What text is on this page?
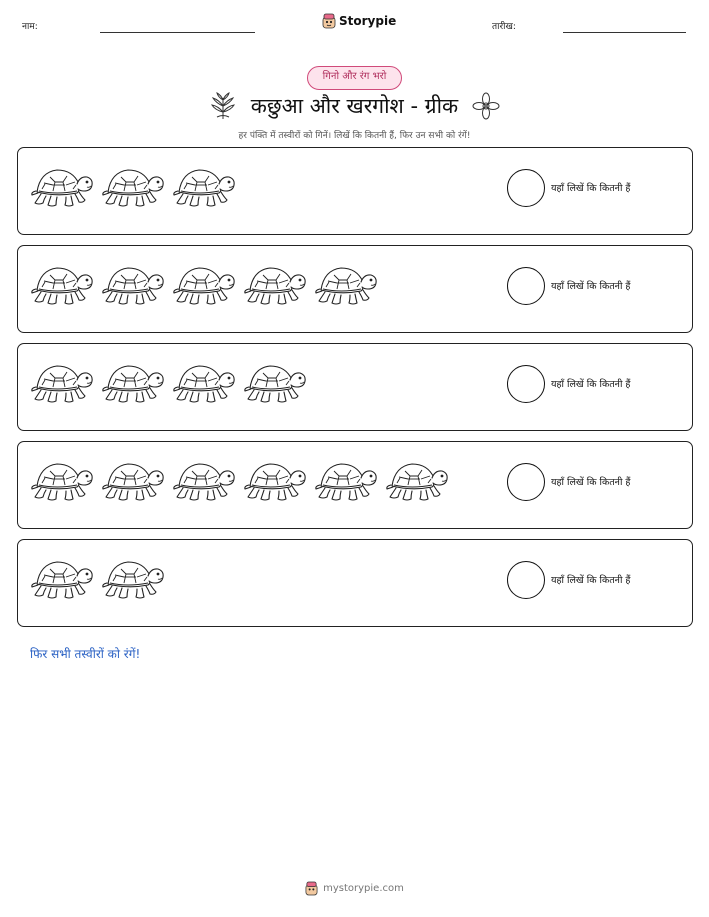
नाम:	Storypie	तारीख:
गिनो और रंग भरो
कछुआ और खरगोश - ग्रीक
हर पंक्ति में तस्वीरों को गिनें। लिखें कि कितनी हैं, फिर उन सभी को रंगें!
यहाँ लिखें कि कितनी हैं
यहाँ लिखें कि कितनी हैं
यहाँ लिखें कि कितनी हैं
यहाँ लिखें कि कितनी हैं
यहाँ लिखें कि कितनी हैं
फिर सभी तस्वीरों को रंगें!
mystorypie.com
